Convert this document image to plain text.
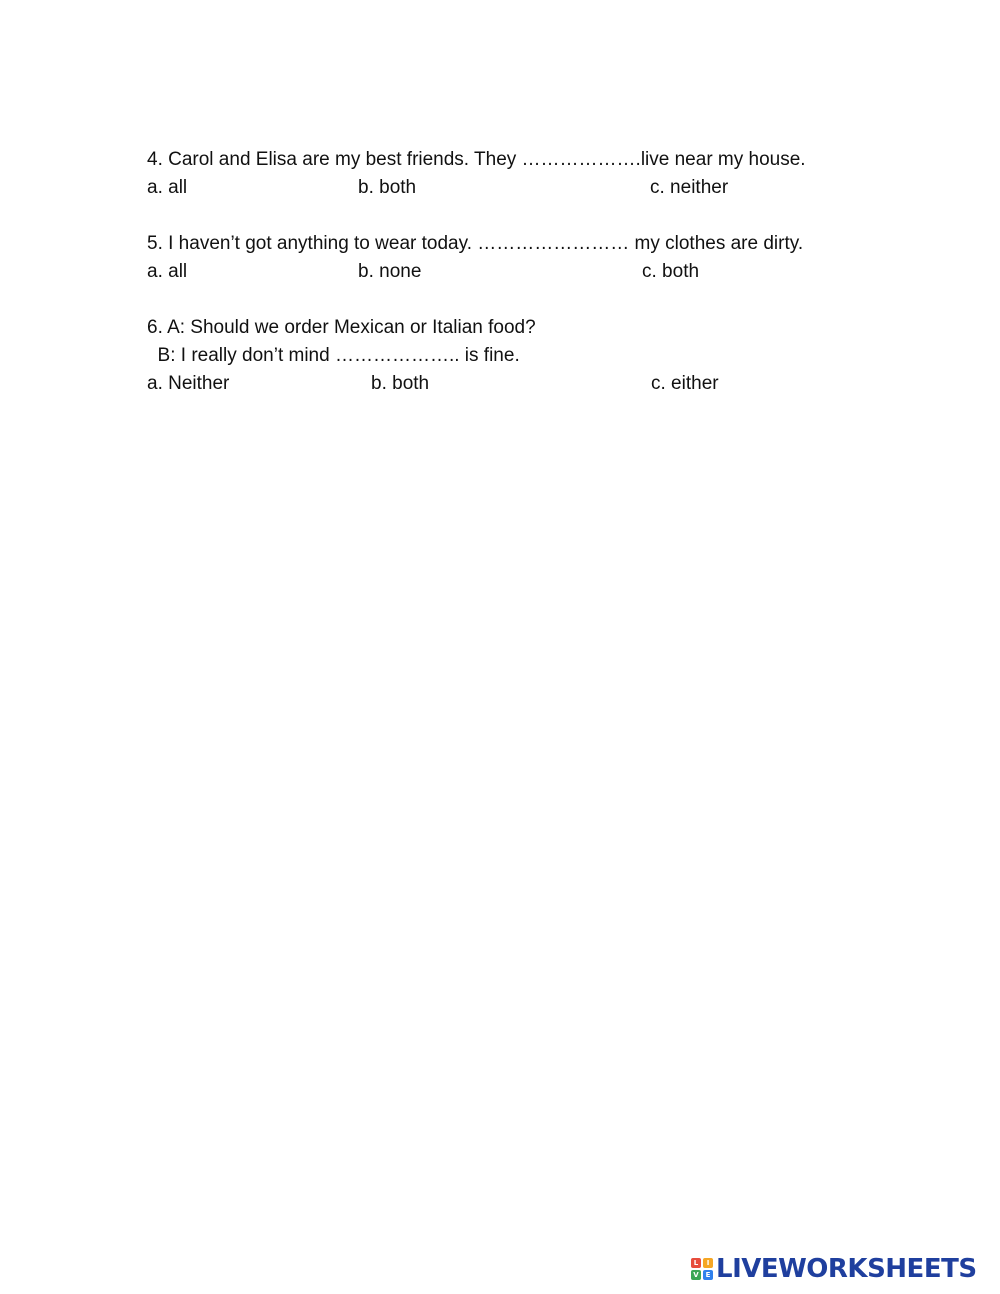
4. Carol and Elisa are my best friends. They ……………….live near my house.
a. all	b. both	c. neither
5. I haven’t got anything to wear today. …………………… my clothes are dirty.
a. all	b. none	c. both
6. A: Should we order Mexican or Italian food?
B: I really don’t mind ……………….. is fine.
a. Neither	b. both	c. either
L	I
V E LIVEWORKSHEETS
